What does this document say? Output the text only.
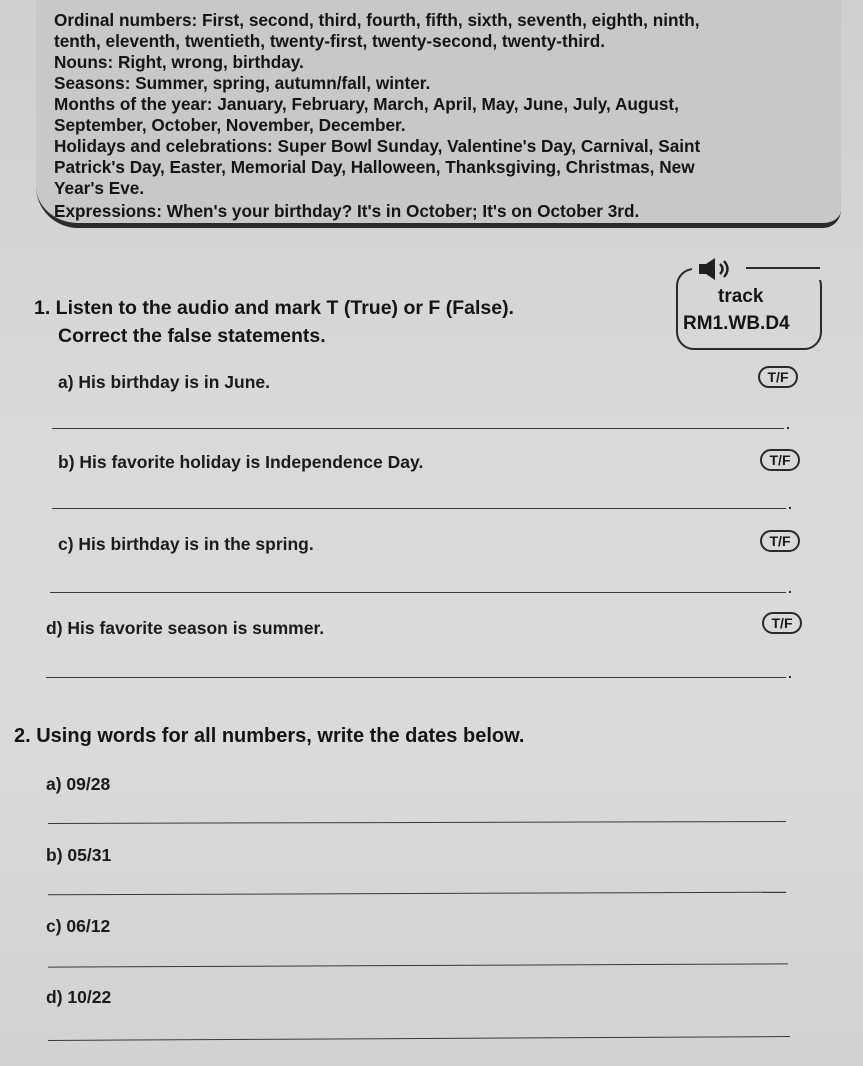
Ordinal numbers: First, second, third, fourth, fifth, sixth, seventh, eighth, ninth,
tenth, eleventh, twentieth, twenty-first, twenty-second, twenty-third.
Nouns: Right, wrong, birthday.
Seasons: Summer, spring, autumn/fall, winter.
Months of the year: January, February, March, April, May, June, July, August,
September, October, November, December.
Holidays and celebrations: Super Bowl Sunday, Valentine's Day, Carnival, Saint
Patrick's Day, Easter, Memorial Day, Halloween, Thanksgiving, Christmas, New
Year's Eve.
Expressions: When's your birthday? It's in October; It's on October 3rd.
1. Listen to the audio and mark T (True) or F (False).
Correct the false statements.
track
RM1.WB.D4
a) His birthday is in June.	T/F
.
b) His favorite holiday is Independence Day.	T/F
.
c) His birthday is in the spring.	T/F
.
d) His favorite season is summer.	T/F
.
2. Using words for all numbers, write the dates below.
a) 09/28
b) 05/31
c) 06/12
d) 10/22
